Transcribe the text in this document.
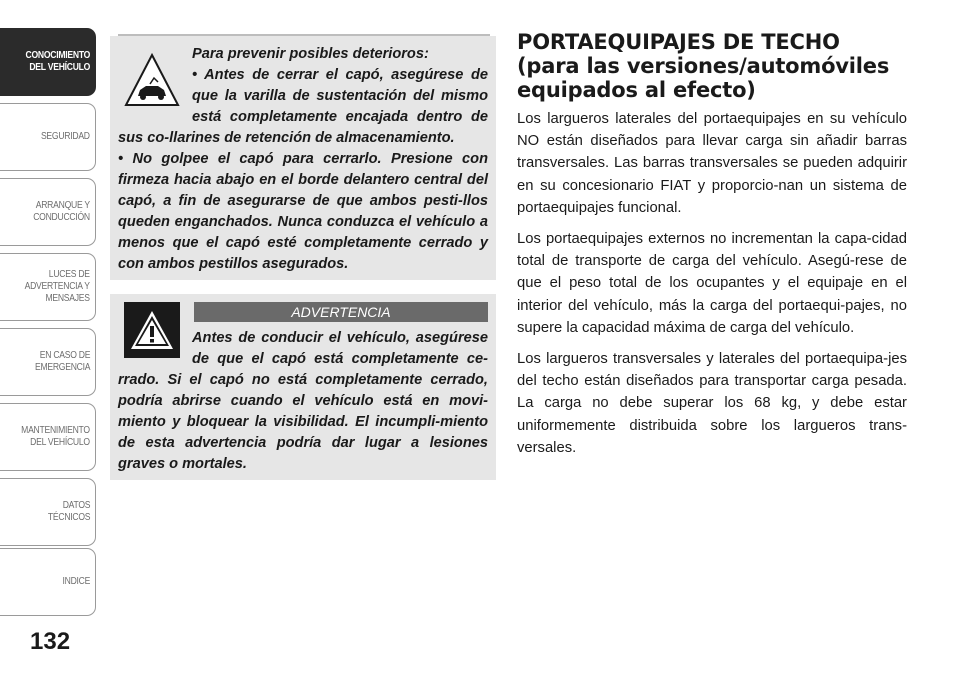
CONOCIMIENTO
DEL VEHÍCULO
SEGURIDAD
ARRANQUE Y
CONDUCCIÓN
LUCES DE
ADVERTENCIA Y
MENSAJES
EN CASO DE
EMERGENCIA
MANTENIMIENTO
DEL VEHÍCULO
DATOS
TÉCNICOS
INDICE
132

Para prevenir posibles deterioros:

• Antes de cerrar el capó, asegúrese de que la varilla de sustentación del mismo está completamente encajada dentro de sus co-llarines de retención de almacenamiento.

• No golpee el capó para cerrarlo. Presione con firmeza hacia abajo en el borde delantero central del capó, a fin de asegurarse de que ambos pesti-llos queden enganchados. Nunca conduzca el vehículo a menos que el capó esté completamente cerrado y con ambos pestillos asegurados.

ADVERTENCIA

Antes de conducir el vehículo, asegúrese de que el capó está completamente ce-rrado. Si el capó no está completamente cerrado, podría abrirse cuando el vehículo está en movi-miento y bloquear la visibilidad. El incumpli-miento de esta advertencia podría dar lugar a lesiones graves o mortales.

PORTAEQUIPAJES DE TECHO (para las versiones/automóviles equipados al efecto)

Los largueros laterales del portaequipajes en su vehículo NO están diseñados para llevar carga sin añadir barras transversales. Las barras transversales se pueden adquirir en su concesionario FIAT y proporcio-nan un sistema de portaequipajes funcional.

Los portaequipajes externos no incrementan la capa-cidad total de transporte de carga del vehículo. Asegú-rese de que el peso total de los ocupantes y el equipaje en el interior del vehículo, más la carga del portaequi-pajes, no supere la capacidad máxima de carga del vehículo.

Los largueros transversales y laterales del portaequipa-jes del techo están diseñados para transportar carga pesada. La carga no debe superar los 68 kg, y debe estar uniformemente distribuida sobre los largueros trans-versales.
